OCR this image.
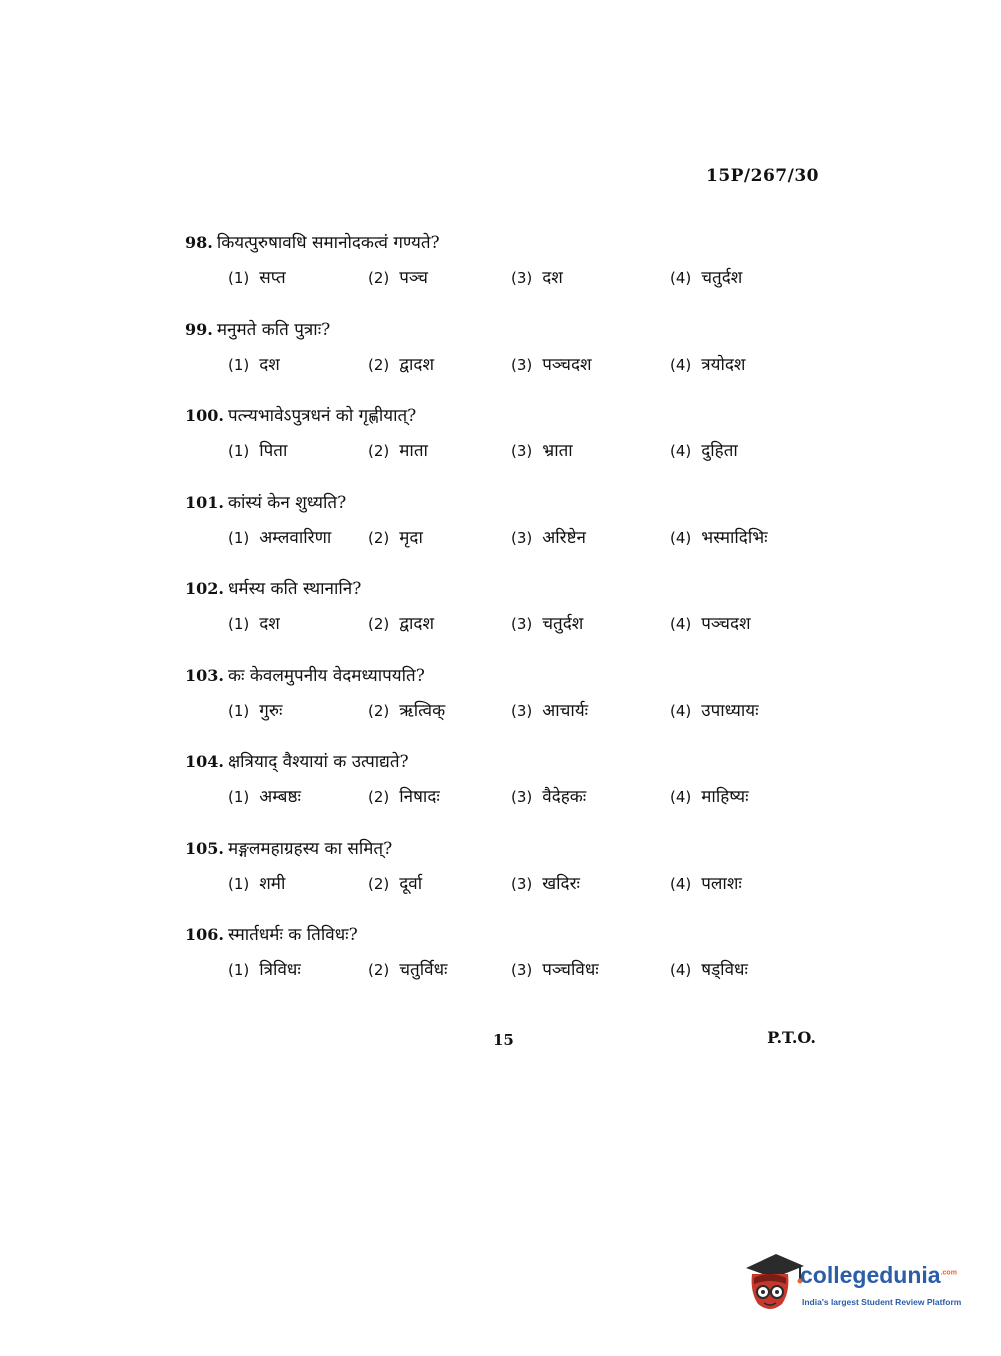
15P/267/30
98. कियत्पुरुषावधि समानोदकत्वं गण्यते?
(1) सप्त	(2) पञ्च	(3) दश	(4) चतुर्दश
99. मनुमते कति पुत्राः?
(1) दश	(2) द्वादश	(3) पञ्चदश	(4) त्रयोदश
100. पत्न्यभावेऽपुत्रधनं को गृह्णीयात्?
(1) पिता	(2) माता	(3) भ्राता	(4) दुहिता
101. कांस्यं केन शुध्यति?
(1) अम्लवारिणा (2) मृदा	(3) अरिष्टेन	(4) भस्मादिभिः
102. धर्मस्य कति स्थानानि?
(1) दश	(2) द्वादश	(3) चतुर्दश	(4) पञ्चदश
103. कः केवलमुपनीय वेदमध्यापयति?
(1) गुरुः	(2) ऋत्विक्	(3) आचार्यः	(4) उपाध्यायः
104. क्षत्रियाद् वैश्यायां क उत्पाद्यते?
(1) अम्बष्ठः	(2) निषादः	(3) वैदेहकः	(4) माहिष्यः
105. मङ्गलमहाग्रहस्य का समित्?
(1) शमी	(2) दूर्वा	(3) खदिरः	(4) पलाशः
106. स्मार्तधर्मः क तिविधः?
(1) त्रिविधः	(2) चतुर्विधः	(3) पञ्चविधः	(4) षड्विधः
15	P.T.O.
collegedunia$^{.com}$
India's largest Student Review Platform
